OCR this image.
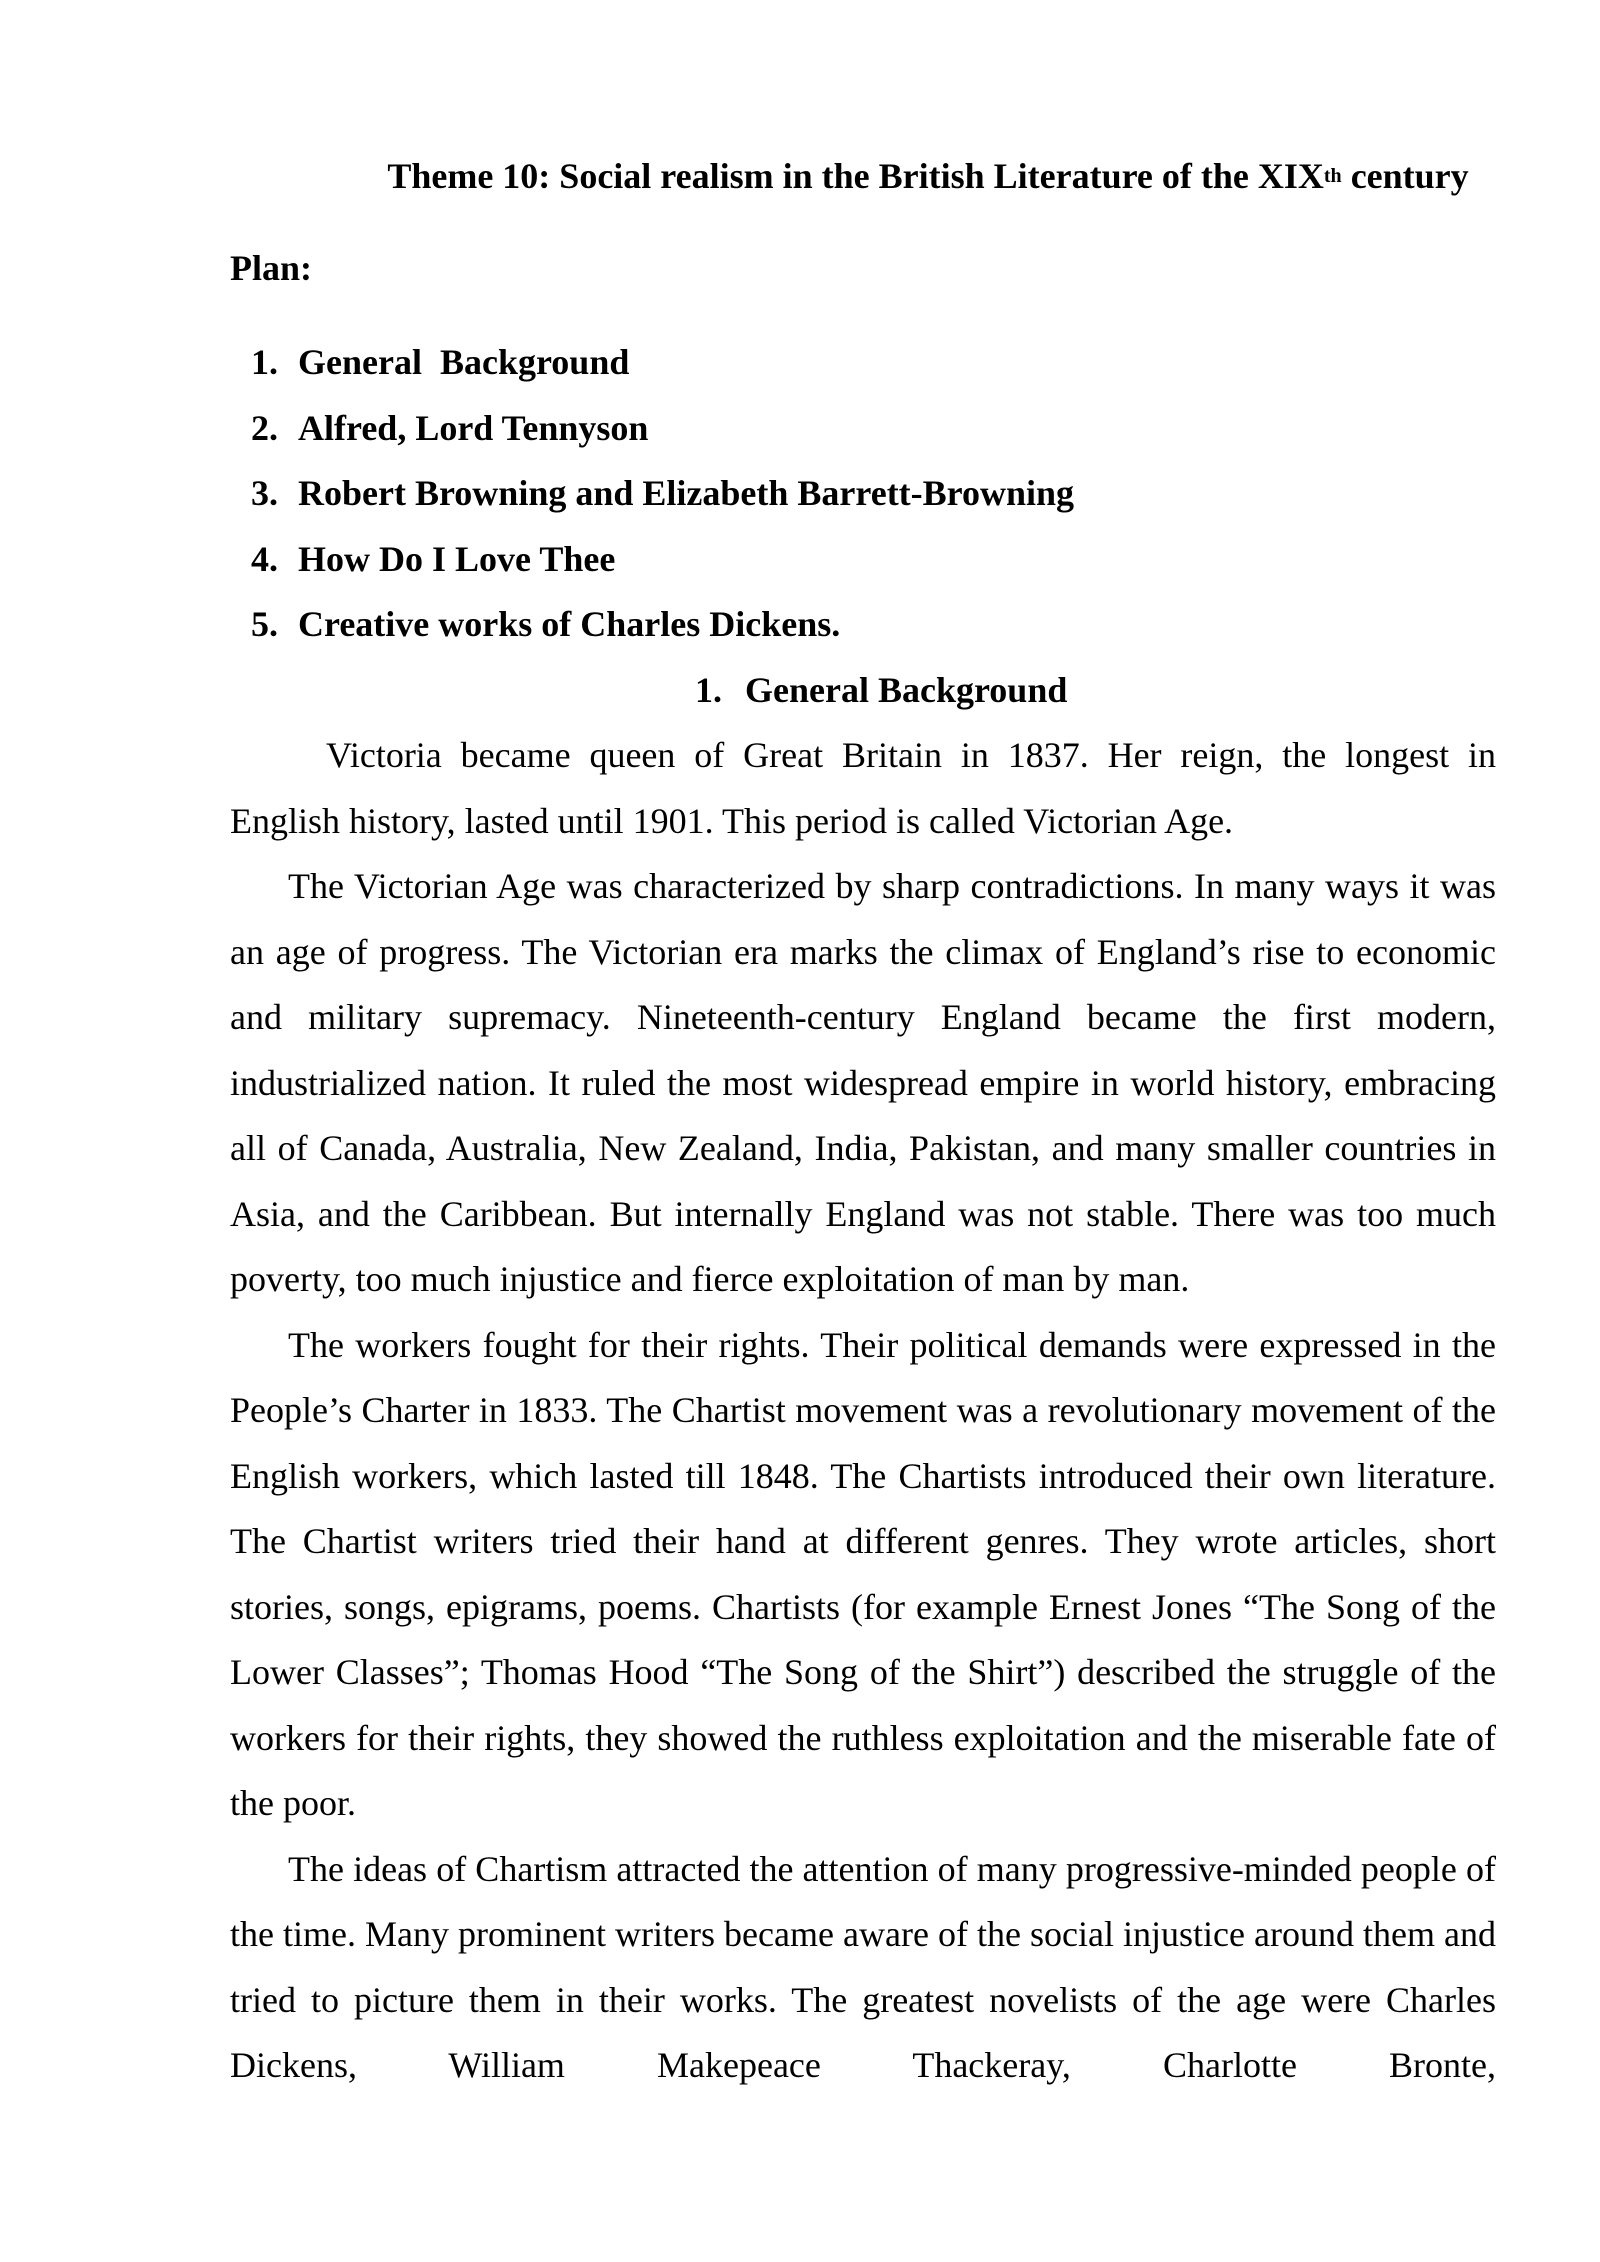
Theme 10: Social realism in the British Literature of the XIXth century

Plan:

1. General  Background
2. Alfred, Lord Tennyson
3. Robert Browning and Elizabeth Barrett-Browning
4. How Do I Love Thee
5. Creative works of Charles Dickens.
1. General Background

Victoria became queen of Great Britain in 1837. Her reign, the longest in English history, lasted until 1901. This period is called Victorian Age.

The Victorian Age was characterized by sharp contradictions. In many ways it was an age of progress. The Victorian era marks the climax of England’s rise to economic and military supremacy. Nineteenth-century England became the first modern, industrialized nation. It ruled the most widespread empire in world history, embracing all of Canada, Australia, New Zealand, India, Pakistan, and many smaller countries in Asia, and the Caribbean. But internally England was not stable. There was too much poverty, too much injustice and fierce exploitation of man by man.

The workers fought for their rights. Their political demands were expressed in the People’s Charter in 1833. The Chartist movement was a revolutionary movement of the English workers, which lasted till 1848. The Chartists introduced their own literature. The Chartist writers tried their hand at different genres. They wrote articles, short stories, songs, epigrams, poems. Chartists (for example Ernest Jones “The Song of the Lower Classes”; Thomas Hood “The Song of the Shirt”) described the struggle of the workers for their rights, they showed the ruthless exploitation and the miserable fate of the poor.

The ideas of Chartism attracted the attention of many progressive-minded people of the time. Many prominent writers became aware of the social injustice around them and tried to picture them in their works. The greatest novelists of the age were Charles Dickens, William Makepeace Thackeray, Charlotte Bronte,
